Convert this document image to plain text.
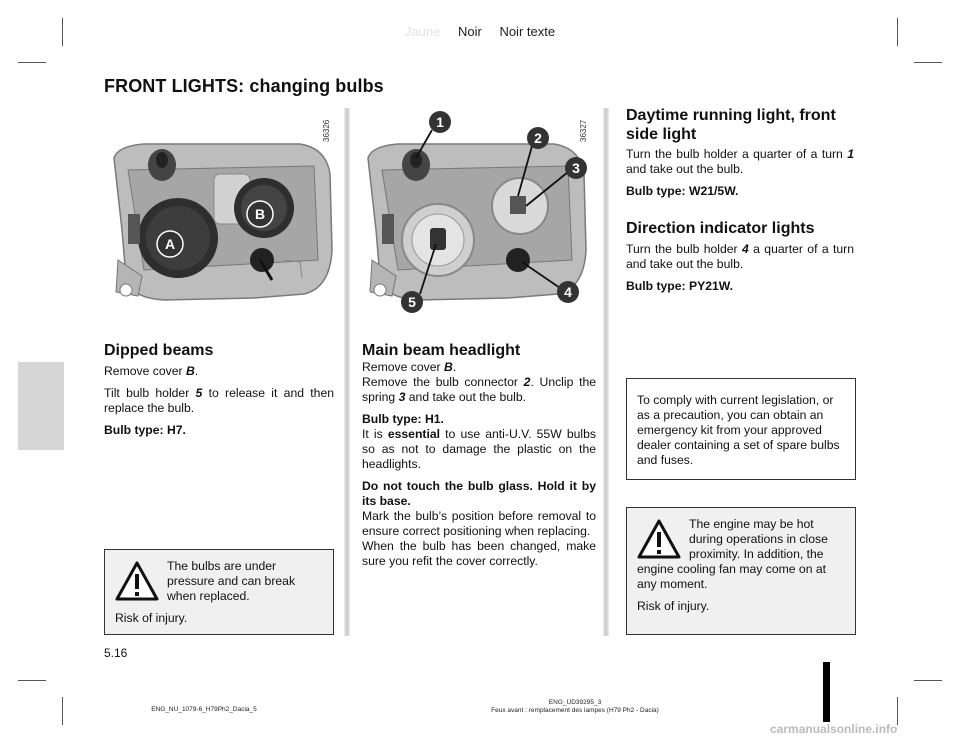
Jaune Noir Noir texte
FRONT LIGHTS: changing bulbs
A
B
36326	1
2
3
4
5
36327
Dipped beams

Remove cover B.

Tilt bulb holder 5 to release it and then replace the bulb.

Bulb type: H7.

The bulbs are under pressure and can break when replaced.

Risk of injury.

Main beam headlight

Remove cover B.

Remove the bulb connector 2. Unclip the spring 3 and take out the bulb.

Bulb type: H1.

It is essential to use anti-U.V. 55W bulbs so as not to damage the plastic on the headlights.

Do not touch the bulb glass. Hold it by its base.

Mark the bulb’s position before removal to ensure correct positioning when replacing.

When the bulb has been changed, make sure you refit the cover correctly.

Daytime running light, front side light

Turn the bulb holder a quarter of a turn 1 and take out the bulb.

Bulb type: W21/5W.

Direction indicator lights

Turn the bulb holder 4 a quarter of a turn and take out the bulb.

Bulb type: PY21W.

To comply with current legislation, or as a precaution, you can obtain an emergency kit from your approved dealer containing a set of spare bulbs and fuses.

The engine may be hot during operations in close proximity. In addition, the engine cooling fan may come on at any moment.

Risk of injury.

5.16
ENG_NU_1079-6_H79Ph2_Dacia_5
ENG_UD39295_3
Feux avant : remplacement des lampes (H79 Ph2 - Dacia)
carmanualsonline.info
